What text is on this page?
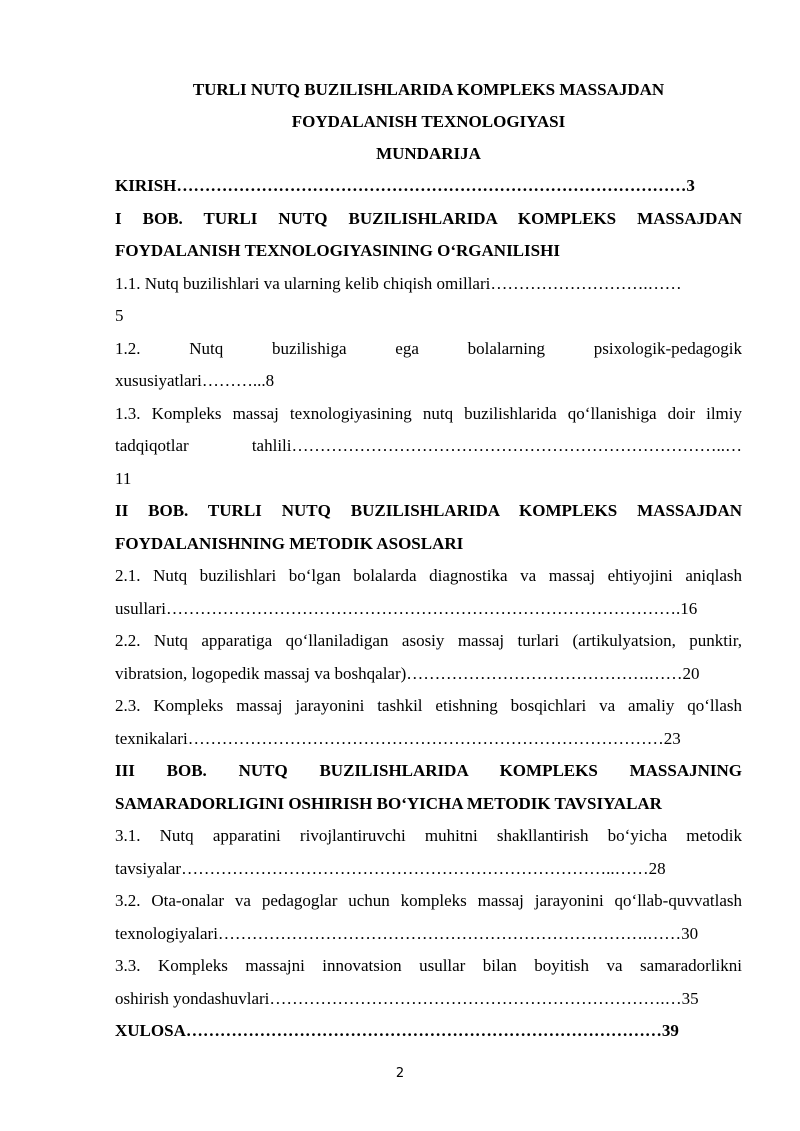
TURLI NUTQ BUZILISHLARIDA KOMPLEKS MASSAJDAN

FOYDALANISH TEXNOLOGIYASI

MUNDARIJA

KIRISH………………………………………………………………………………3

I BOB. TURLI NUTQ BUZILISHLARIDA KOMPLEKS MASSAJDAN

FOYDALANISH TEXNOLOGIYASINING O‘RGANILISHI

1.1. Nutq buzilishlari va ularning kelib chiqish omillari……………………….……

5

1.2. Nutq buzilishiga ega bolalarning psixologik-pedagogik

xususiyatlari………...8

1.3. Kompleks massaj texnologiyasining nutq buzilishlarida qo‘llanishiga doir ilmiy

tadqiqotlar tahlili…………………………………………………………………..…

11

II BOB. TURLI NUTQ BUZILISHLARIDA KOMPLEKS MASSAJDAN

FOYDALANISHNING METODIK ASOSLARI

2.1. Nutq buzilishlari bo‘lgan bolalarda diagnostika va massaj ehtiyojini aniqlash

usullari……………………………………………………………………………….16

2.2. Nutq apparatiga qo‘llaniladigan asosiy massaj turlari (artikulyatsion, punktir,

vibratsion, logopedik massaj va boshqalar)…………………………………….……20

2.3. Kompleks massaj jarayonini tashkil etishning bosqichlari va amaliy qo‘llash

texnikalari…………………………………………………………………………23

III BOB. NUTQ BUZILISHLARIDA KOMPLEKS MASSAJNING

SAMARADORLIGINI OSHIRISH BO‘YICHA METODIK TAVSIYALAR

3.1. Nutq apparatini rivojlantiruvchi muhitni shakllantirish bo‘yicha metodik

tavsiyalar…………………………………………………………………..……28

3.2. Ota-onalar va pedagoglar uchun kompleks massaj jarayonini qo‘llab-quvvatlash

texnologiyalari………………………………………………………………….……30

3.3. Kompleks massajni innovatsion usullar bilan boyitish va samaradorlikni

oshirish yondashuvlari…………………………………………………………….…35

XULOSA…………………………………………………………………………39

2
